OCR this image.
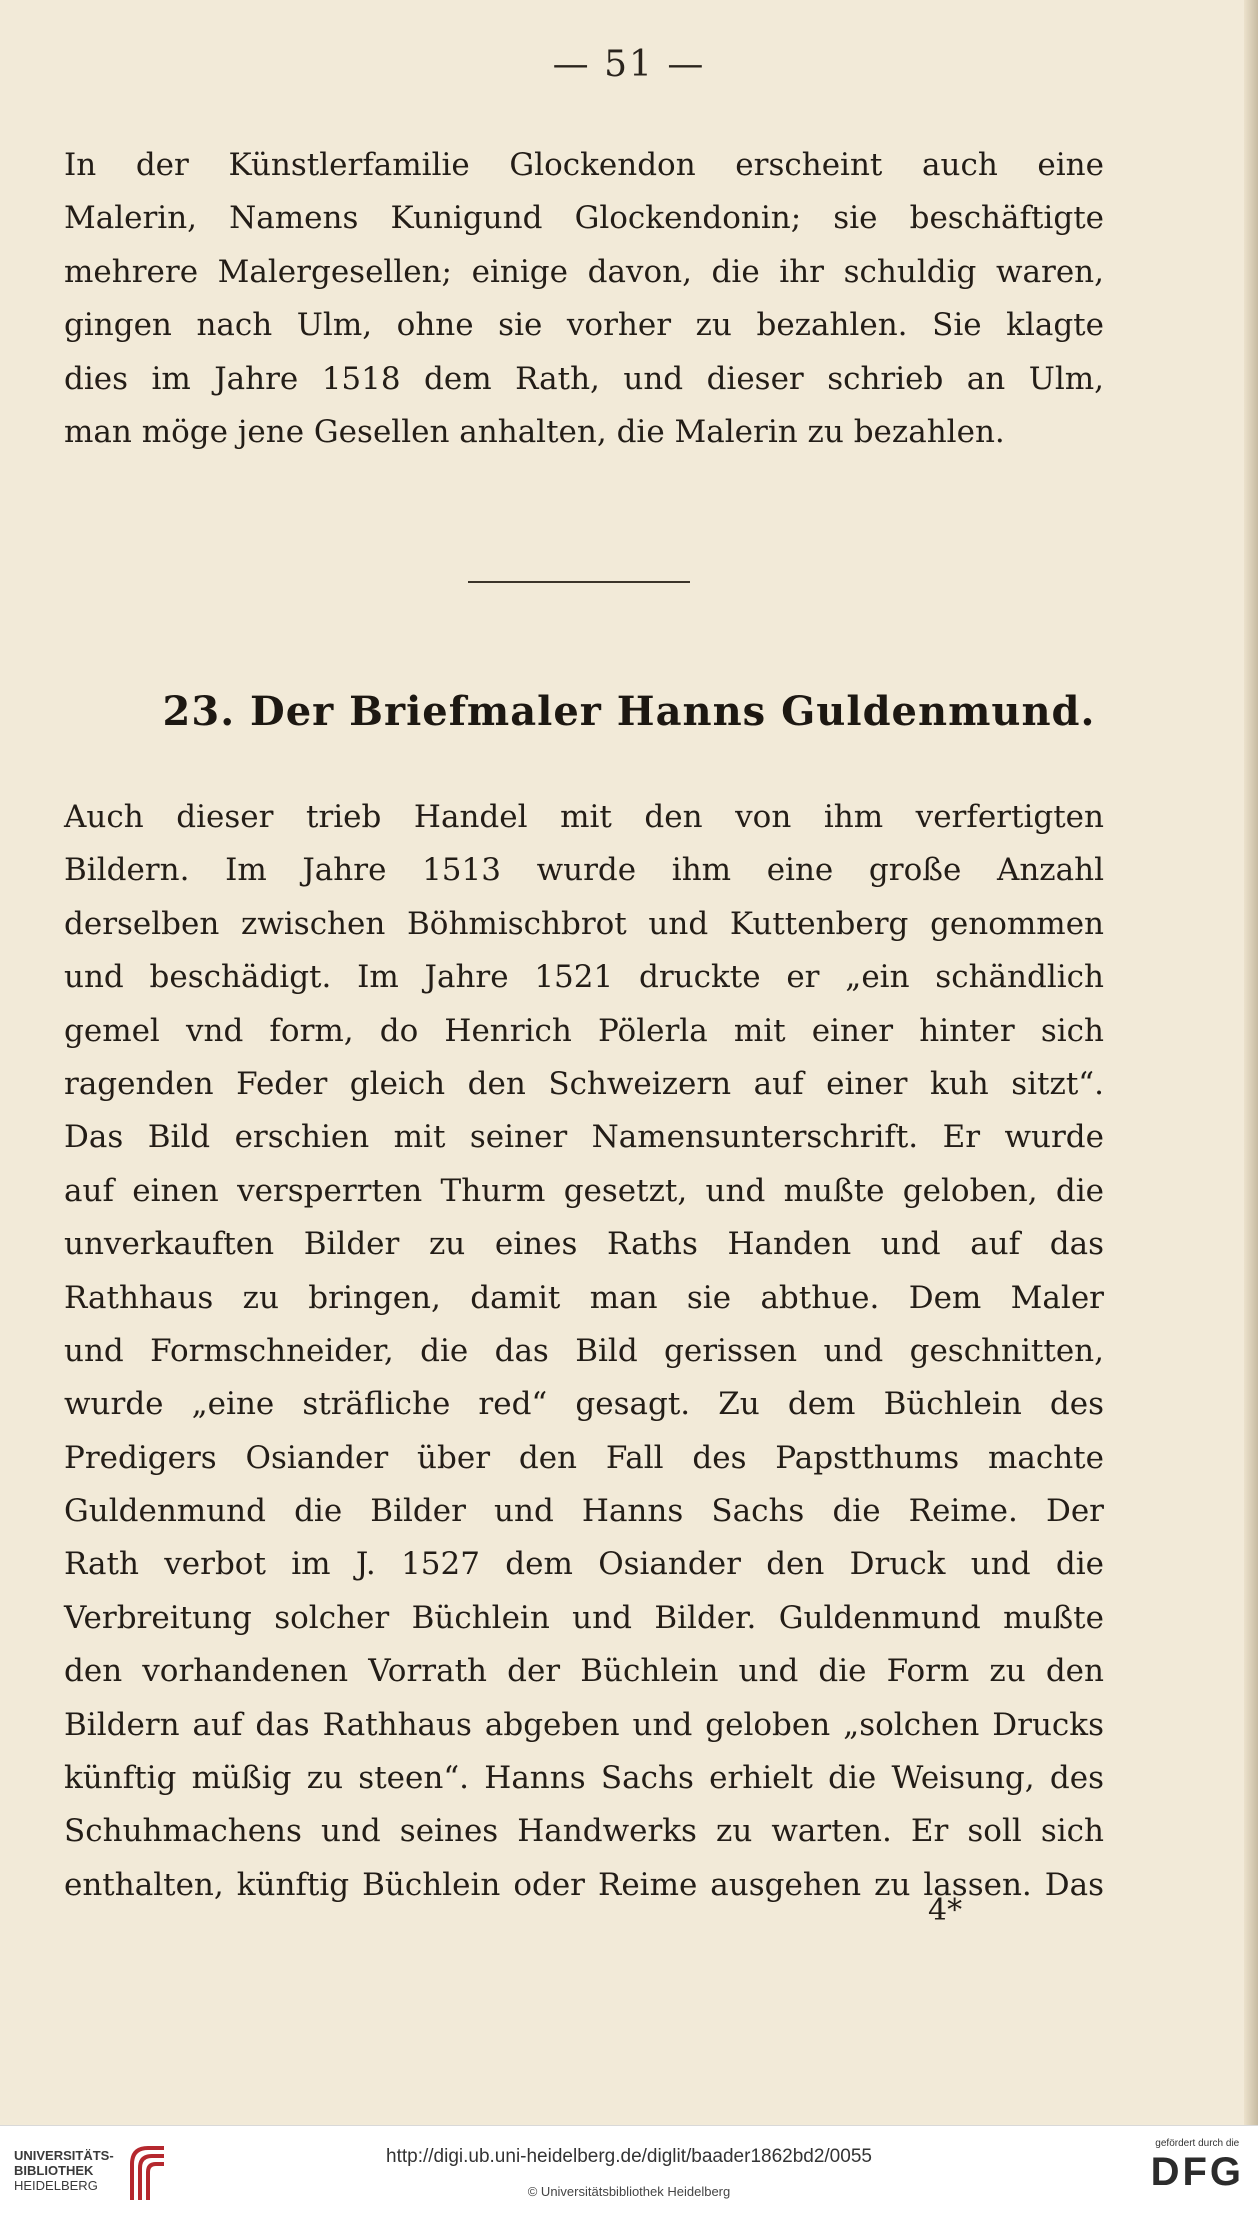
— 51 —
In der Künstlerfamilie Glockendon erscheint auch eine
Malerin, Namens Kunigund Glockendonin; sie beschäftigte
mehrere Malergesellen; einige davon, die ihr schuldig waren,
gingen nach Ulm, ohne sie vorher zu bezahlen. Sie klagte
dies im Jahre 1518 dem Rath, und dieser schrieb an Ulm,
man möge jene Gesellen anhalten, die Malerin zu bezahlen.
23. Der Briefmaler Hanns Guldenmund.
Auch dieser trieb Handel mit den von ihm verfertigten
Bildern. Im Jahre 1513 wurde ihm eine große Anzahl
derselben zwischen Böhmischbrot und Kuttenberg genommen
und beschädigt. Im Jahre 1521 druckte er „ein schändlich
gemel vnd form, do Henrich Pölerla mit einer hinter sich
ragenden Feder gleich den Schweizern auf einer kuh sitzt“.
Das Bild erschien mit seiner Namensunterschrift. Er wurde
auf einen versperrten Thurm gesetzt, und mußte geloben, die
unverkauften Bilder zu eines Raths Handen und auf das
Rathhaus zu bringen, damit man sie abthue. Dem Maler
und Formschneider, die das Bild gerissen und geschnitten,
wurde „eine sträfliche red“ gesagt. Zu dem Büchlein des
Predigers Osiander über den Fall des Papstthums machte
Guldenmund die Bilder und Hanns Sachs die Reime. Der
Rath verbot im J. 1527 dem Osiander den Druck und die
Verbreitung solcher Büchlein und Bilder. Guldenmund mußte
den vorhandenen Vorrath der Büchlein und die Form zu den
Bildern auf das Rathhaus abgeben und geloben „solchen Drucks
künftig müßig zu steen“. Hanns Sachs erhielt die Weisung, des
Schuhmachens und seines Handwerks zu warten. Er soll sich
enthalten, künftig Büchlein oder Reime ausgehen zu lassen. Das
4*
UNIVERSITÄTS-
BIBLIOTHEK
HEIDELBERG
http://digi.ub.uni-heidelberg.de/diglit/baader1862bd2/0055
© Universitätsbibliothek Heidelberg
gefördert durch die
DFG
